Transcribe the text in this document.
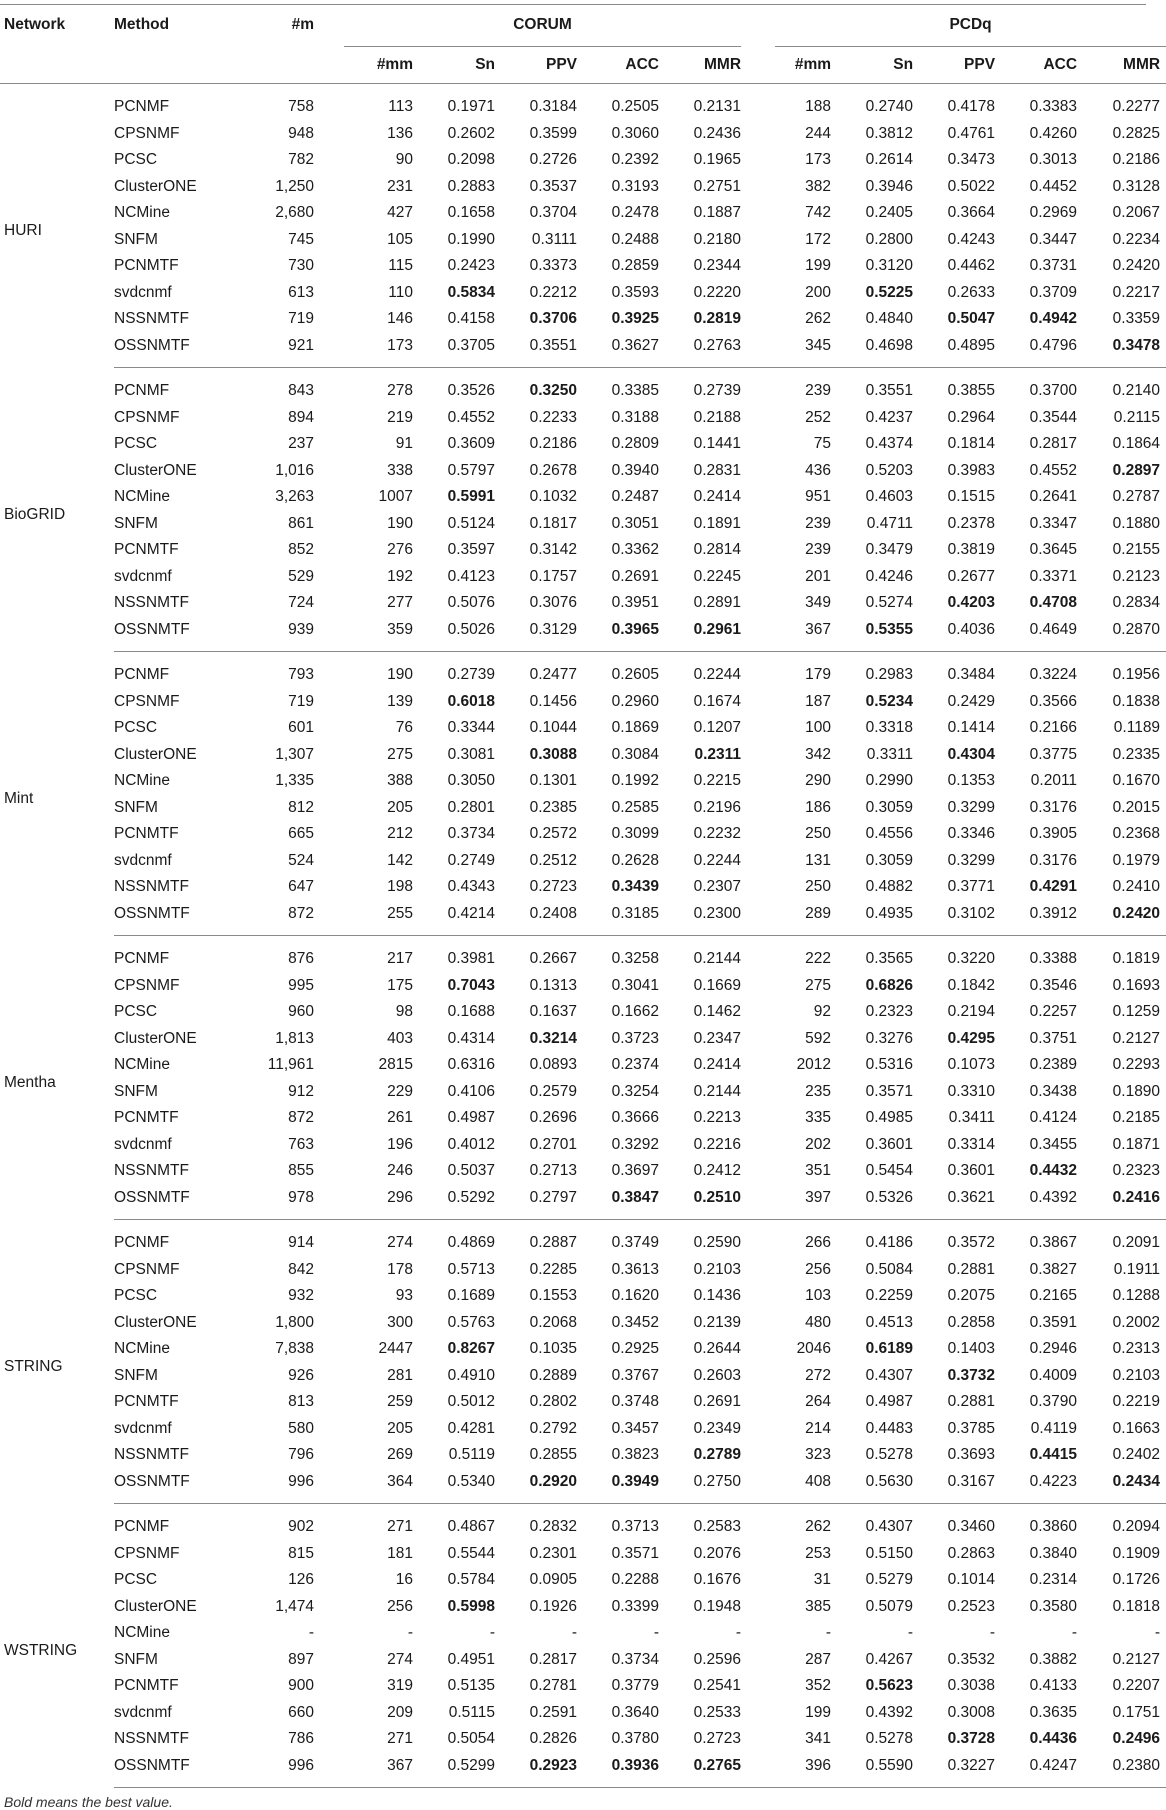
Network	Method	#m		CORUM						PCDq				
				#mm	Sn	PPV	ACC	MMR		#mm	Sn	PPV	ACC	MMR
HURI	PCNMF	758		113	0.1971	0.3184	0.2505	0.2131		188	0.2740	0.4178	0.3383	0.2277
	CPSNMF	948		136	0.2602	0.3599	0.3060	0.2436		244	0.3812	0.4761	0.4260	0.2825
	PCSC	782		90	0.2098	0.2726	0.2392	0.1965		173	0.2614	0.3473	0.3013	0.2186
	ClusterONE	1,250		231	0.2883	0.3537	0.3193	0.2751		382	0.3946	0.5022	0.4452	0.3128
	NCMine	2,680		427	0.1658	0.3704	0.2478	0.1887		742	0.2405	0.3664	0.2969	0.2067
	SNFM	745		105	0.1990	0.3111	0.2488	0.2180		172	0.2800	0.4243	0.3447	0.2234
	PCNMTF	730		115	0.2423	0.3373	0.2859	0.2344		199	0.3120	0.4462	0.3731	0.2420
	svdcnmf	613		110	0.5834	0.2212	0.3593	0.2220		200	0.5225	0.2633	0.3709	0.2217
	NSSNMTF	719		146	0.4158	0.3706	0.3925	0.2819		262	0.4840	0.5047	0.4942	0.3359
	OSSNMTF	921		173	0.3705	0.3551	0.3627	0.2763		345	0.4698	0.4895	0.4796	0.3478
BioGRID	PCNMF	843		278	0.3526	0.3250	0.3385	0.2739		239	0.3551	0.3855	0.3700	0.2140
	CPSNMF	894		219	0.4552	0.2233	0.3188	0.2188		252	0.4237	0.2964	0.3544	0.2115
	PCSC	237		91	0.3609	0.2186	0.2809	0.1441		75	0.4374	0.1814	0.2817	0.1864
	ClusterONE	1,016		338	0.5797	0.2678	0.3940	0.2831		436	0.5203	0.3983	0.4552	0.2897
	NCMine	3,263		1007	0.5991	0.1032	0.2487	0.2414		951	0.4603	0.1515	0.2641	0.2787
	SNFM	861		190	0.5124	0.1817	0.3051	0.1891		239	0.4711	0.2378	0.3347	0.1880
	PCNMTF	852		276	0.3597	0.3142	0.3362	0.2814		239	0.3479	0.3819	0.3645	0.2155
	svdcnmf	529		192	0.4123	0.1757	0.2691	0.2245		201	0.4246	0.2677	0.3371	0.2123
	NSSNMTF	724		277	0.5076	0.3076	0.3951	0.2891		349	0.5274	0.4203	0.4708	0.2834
	OSSNMTF	939		359	0.5026	0.3129	0.3965	0.2961		367	0.5355	0.4036	0.4649	0.2870
Mint	PCNMF	793		190	0.2739	0.2477	0.2605	0.2244		179	0.2983	0.3484	0.3224	0.1956
	CPSNMF	719		139	0.6018	0.1456	0.2960	0.1674		187	0.5234	0.2429	0.3566	0.1838
	PCSC	601		76	0.3344	0.1044	0.1869	0.1207		100	0.3318	0.1414	0.2166	0.1189
	ClusterONE	1,307		275	0.3081	0.3088	0.3084	0.2311		342	0.3311	0.4304	0.3775	0.2335
	NCMine	1,335		388	0.3050	0.1301	0.1992	0.2215		290	0.2990	0.1353	0.2011	0.1670
	SNFM	812		205	0.2801	0.2385	0.2585	0.2196		186	0.3059	0.3299	0.3176	0.2015
	PCNMTF	665		212	0.3734	0.2572	0.3099	0.2232		250	0.4556	0.3346	0.3905	0.2368
	svdcnmf	524		142	0.2749	0.2512	0.2628	0.2244		131	0.3059	0.3299	0.3176	0.1979
	NSSNMTF	647		198	0.4343	0.2723	0.3439	0.2307		250	0.4882	0.3771	0.4291	0.2410
	OSSNMTF	872		255	0.4214	0.2408	0.3185	0.2300		289	0.4935	0.3102	0.3912	0.2420
Mentha	PCNMF	876		217	0.3981	0.2667	0.3258	0.2144		222	0.3565	0.3220	0.3388	0.1819
	CPSNMF	995		175	0.7043	0.1313	0.3041	0.1669		275	0.6826	0.1842	0.3546	0.1693
	PCSC	960		98	0.1688	0.1637	0.1662	0.1462		92	0.2323	0.2194	0.2257	0.1259
	ClusterONE	1,813		403	0.4314	0.3214	0.3723	0.2347		592	0.3276	0.4295	0.3751	0.2127
	NCMine	11,961		2815	0.6316	0.0893	0.2374	0.2414		2012	0.5316	0.1073	0.2389	0.2293
	SNFM	912		229	0.4106	0.2579	0.3254	0.2144		235	0.3571	0.3310	0.3438	0.1890
	PCNMTF	872		261	0.4987	0.2696	0.3666	0.2213		335	0.4985	0.3411	0.4124	0.2185
	svdcnmf	763		196	0.4012	0.2701	0.3292	0.2216		202	0.3601	0.3314	0.3455	0.1871
	NSSNMTF	855		246	0.5037	0.2713	0.3697	0.2412		351	0.5454	0.3601	0.4432	0.2323
	OSSNMTF	978		296	0.5292	0.2797	0.3847	0.2510		397	0.5326	0.3621	0.4392	0.2416
STRING	PCNMF	914		274	0.4869	0.2887	0.3749	0.2590		266	0.4186	0.3572	0.3867	0.2091
	CPSNMF	842		178	0.5713	0.2285	0.3613	0.2103		256	0.5084	0.2881	0.3827	0.1911
	PCSC	932		93	0.1689	0.1553	0.1620	0.1436		103	0.2259	0.2075	0.2165	0.1288
	ClusterONE	1,800		300	0.5763	0.2068	0.3452	0.2139		480	0.4513	0.2858	0.3591	0.2002
	NCMine	7,838		2447	0.8267	0.1035	0.2925	0.2644		2046	0.6189	0.1403	0.2946	0.2313
	SNFM	926		281	0.4910	0.2889	0.3767	0.2603		272	0.4307	0.3732	0.4009	0.2103
	PCNMTF	813		259	0.5012	0.2802	0.3748	0.2691		264	0.4987	0.2881	0.3790	0.2219
	svdcnmf	580		205	0.4281	0.2792	0.3457	0.2349		214	0.4483	0.3785	0.4119	0.1663
	NSSNMTF	796		269	0.5119	0.2855	0.3823	0.2789		323	0.5278	0.3693	0.4415	0.2402
	OSSNMTF	996		364	0.5340	0.2920	0.3949	0.2750		408	0.5630	0.3167	0.4223	0.2434
WSTRING	PCNMF	902		271	0.4867	0.2832	0.3713	0.2583		262	0.4307	0.3460	0.3860	0.2094
	CPSNMF	815		181	0.5544	0.2301	0.3571	0.2076		253	0.5150	0.2863	0.3840	0.1909
	PCSC	126		16	0.5784	0.0905	0.2288	0.1676		31	0.5279	0.1014	0.2314	0.1726
	ClusterONE	1,474		256	0.5998	0.1926	0.3399	0.1948		385	0.5079	0.2523	0.3580	0.1818
	NCMine	-		-	-	-	-	-		-	-	-	-	-
	SNFM	897		274	0.4951	0.2817	0.3734	0.2596		287	0.4267	0.3532	0.3882	0.2127
	PCNMTF	900		319	0.5135	0.2781	0.3779	0.2541		352	0.5623	0.3038	0.4133	0.2207
	svdcnmf	660		209	0.5115	0.2591	0.3640	0.2533		199	0.4392	0.3008	0.3635	0.1751
	NSSNMTF	786		271	0.5054	0.2826	0.3780	0.2723		341	0.5278	0.3728	0.4436	0.2496
	OSSNMTF	996		367	0.5299	0.2923	0.3936	0.2765		396	0.5590	0.3227	0.4247	0.2380
Bold means the best value.
